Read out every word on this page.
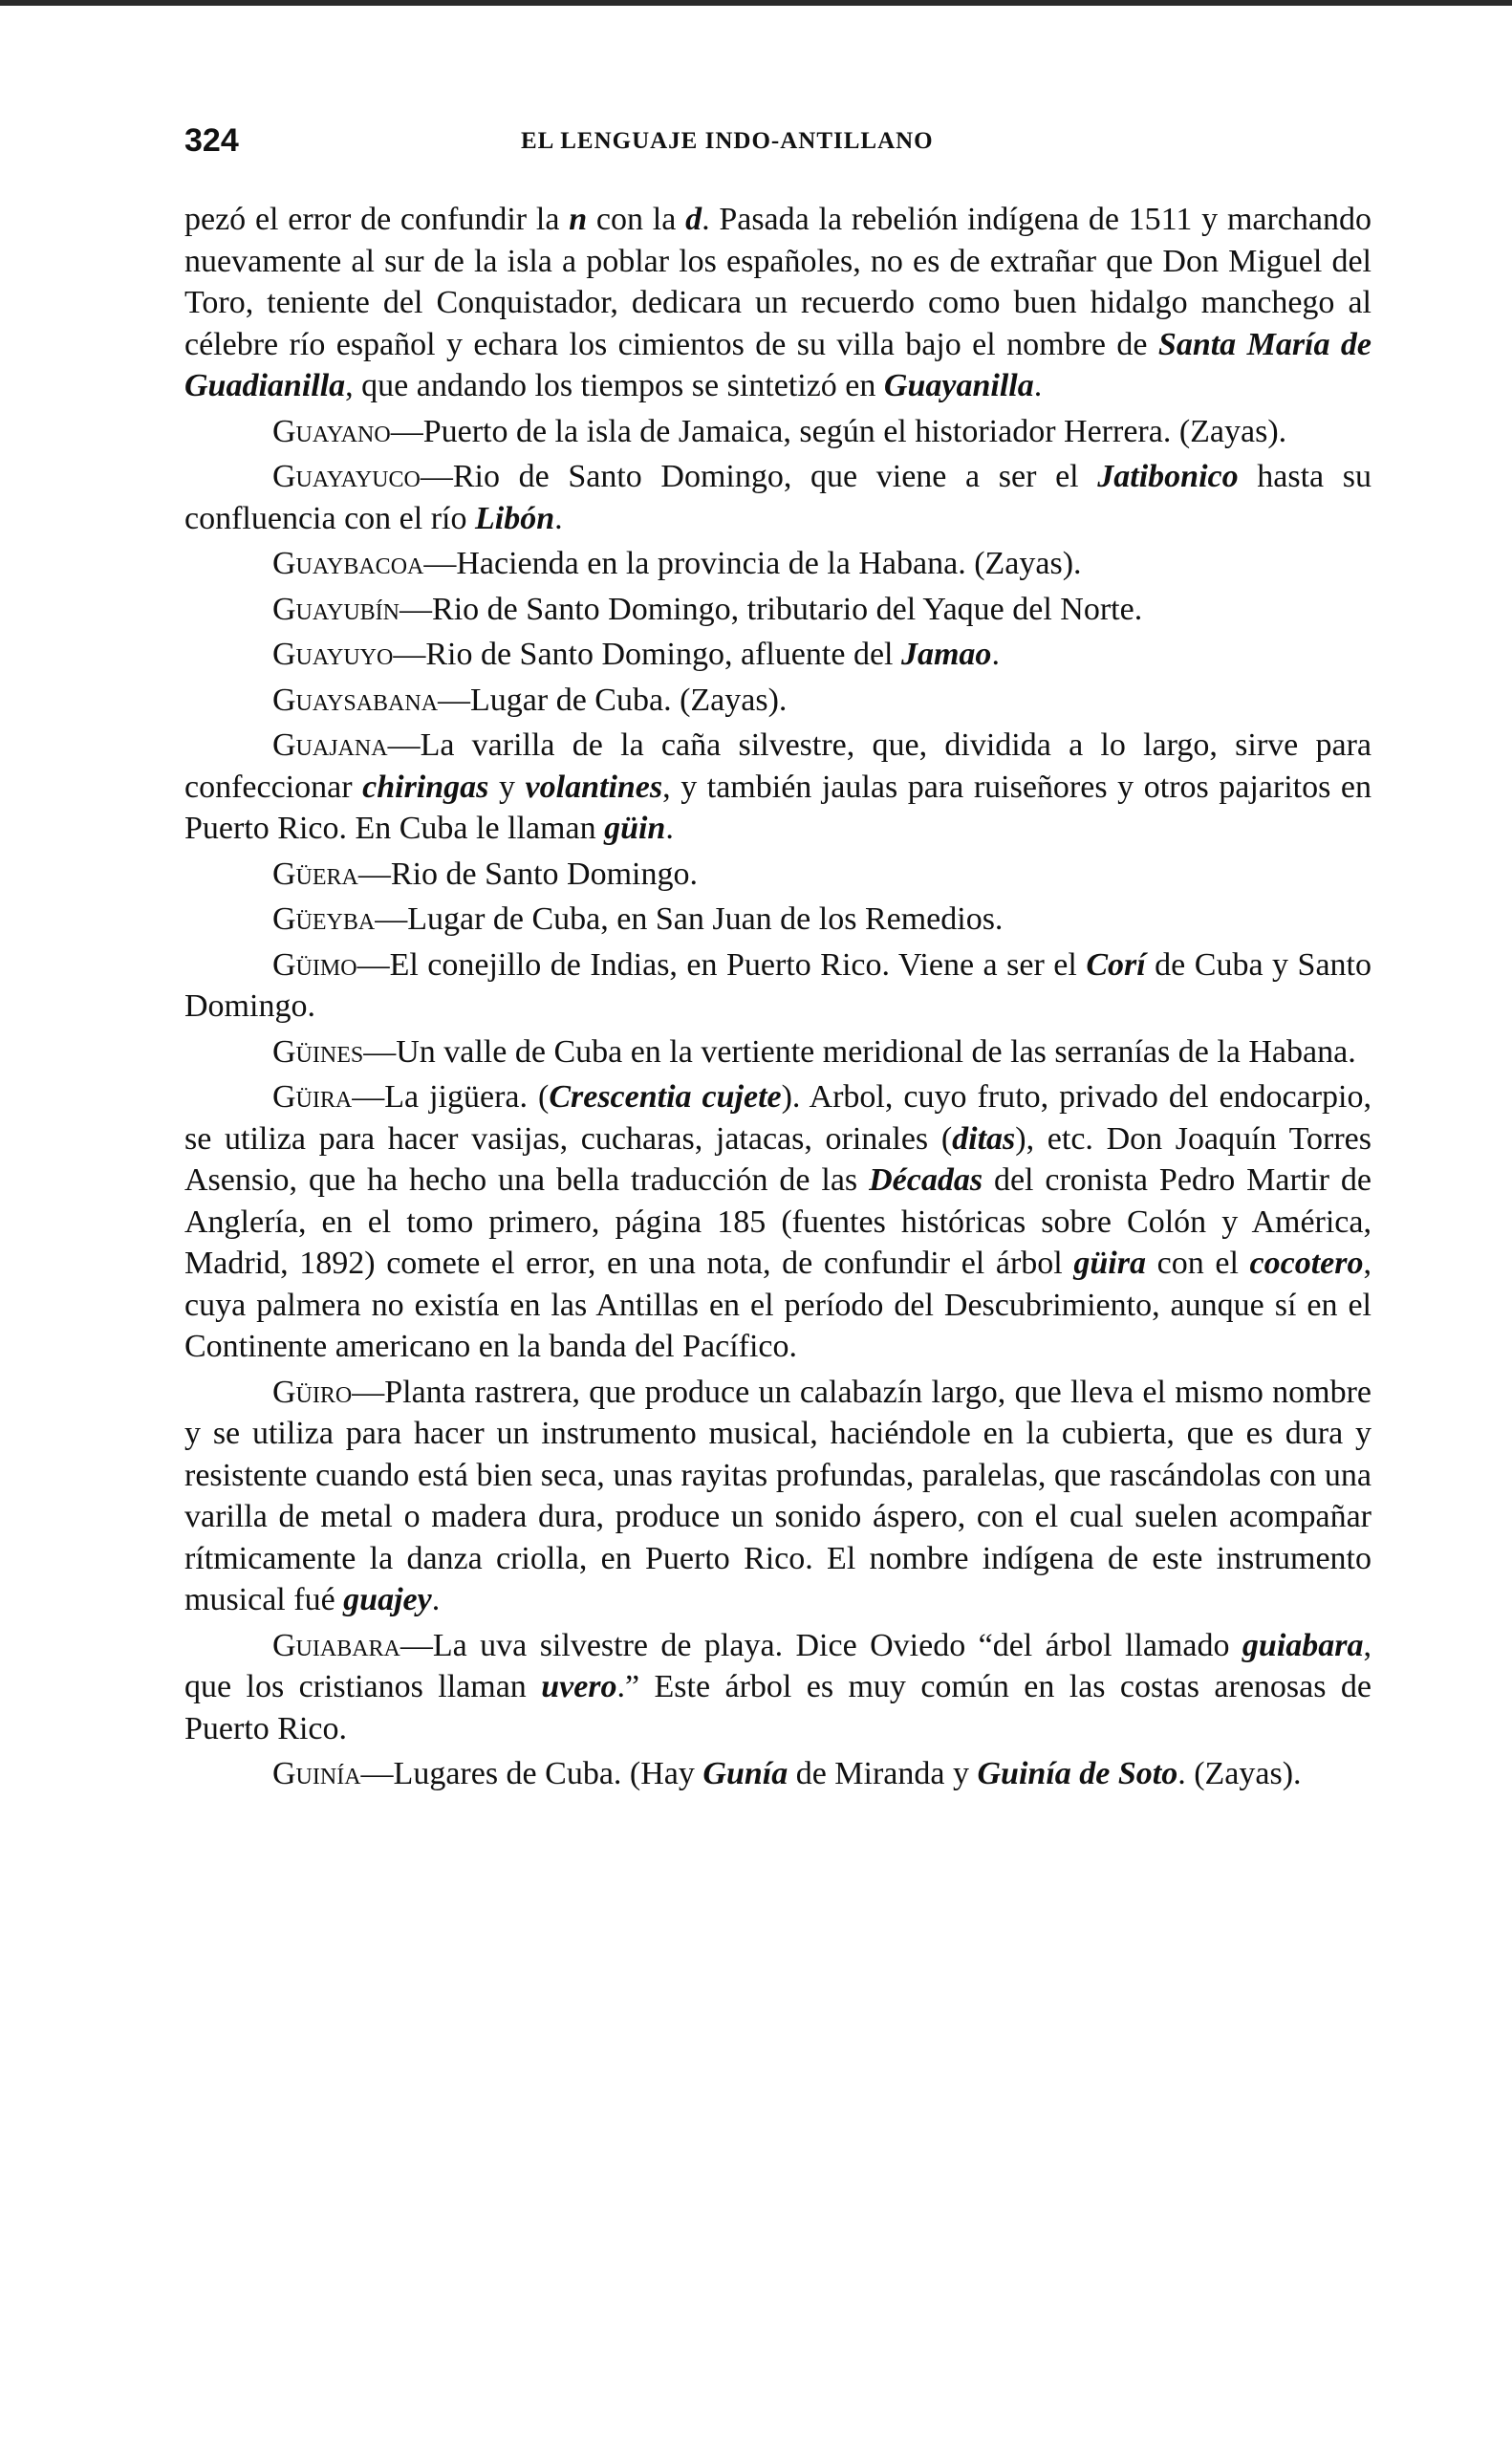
324	EL LENGUAJE INDO-ANTILLANO

pezó el error de confundir la n con la d. Pasada la rebelión indígena de 1511 y marchando nuevamente al sur de la isla a poblar los españoles, no es de extrañar que Don Miguel del Toro, teniente del Conquistador, dedicara un recuerdo como buen hidalgo manchego al célebre río español y echara los cimientos de su villa bajo el nombre de Santa María de Guadianilla, que andando los tiempos se sintetizó en Guayanilla.

Guayano—Puerto de la isla de Jamaica, según el historiador Herrera. (Zayas).

Guayayuco—Rio de Santo Domingo, que viene a ser el Jatibonico hasta su confluencia con el río Libón.

Guaybacoa—Hacienda en la provincia de la Habana. (Zayas).

Guayubín—Rio de Santo Domingo, tributario del Yaque del Norte.

Guayuyo—Rio de Santo Domingo, afluente del Jamao.

Guaysabana—Lugar de Cuba. (Zayas).

Guajana—La varilla de la caña silvestre, que, dividida a lo largo, sirve para confeccionar chiringas y volantines, y también jaulas para ruiseñores y otros pajaritos en Puerto Rico. En Cuba le llaman güin.

Güera—Rio de Santo Domingo.

Güeyba—Lugar de Cuba, en San Juan de los Remedios.

Güimo—El conejillo de Indias, en Puerto Rico. Viene a ser el Corí de Cuba y Santo Domingo.

Güines—Un valle de Cuba en la vertiente meridional de las serranías de la Habana.

Güira—La jigüera. (Crescentia cujete). Arbol, cuyo fruto, privado del endocarpio, se utiliza para hacer vasijas, cucharas, jatacas, orinales (ditas), etc. Don Joaquín Torres Asensio, que ha hecho una bella traducción de las Décadas del cronista Pedro Martir de Anglería, en el tomo primero, página 185 (fuentes históricas sobre Colón y América, Madrid, 1892) comete el error, en una nota, de confundir el árbol güira con el cocotero, cuya palmera no existía en las Antillas en el período del Descubrimiento, aunque sí en el Continente americano en la banda del Pacífico.

Güiro—Planta rastrera, que produce un calabazín largo, que lleva el mismo nombre y se utiliza para hacer un instrumento musical, haciéndole en la cubierta, que es dura y resistente cuando está bien seca, unas rayitas profundas, paralelas, que rascándolas con una varilla de metal o madera dura, produce un sonido áspero, con el cual suelen acompañar rítmicamente la danza criolla, en Puerto Rico. El nombre indígena de este instrumento musical fué guajey.

Guiabara—La uva silvestre de playa. Dice Oviedo “del árbol llamado guiabara, que los cristianos llaman uvero.” Este árbol es muy común en las costas arenosas de Puerto Rico.

Guinía—Lugares de Cuba. (Hay Gunía de Miranda y Guinía de Soto. (Zayas).
